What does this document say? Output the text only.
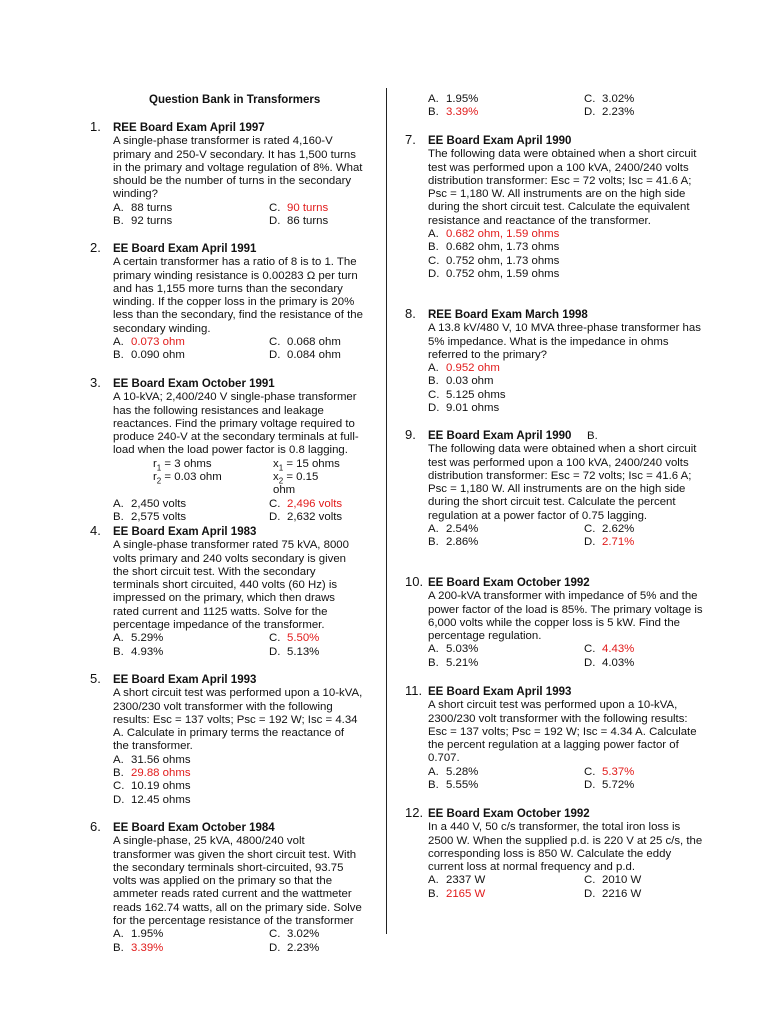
Question Bank in Transformers
B.
1. REE Board Exam April 1997

A single-phase transformer is rated 4,160-V primary and 250-V secondary. It has 1,500 turns in the primary and voltage regulation of 8%. What should be the number of turns in the secondary winding?

A. 88 turns	C. 90 turns
B. 92 turns	D. 86 turns
2. EE Board Exam April 1991

A certain transformer has a ratio of 8 is to 1. The primary winding resistance is 0.00283 Ω per turn and has 1,155 more turns than the secondary winding. If the copper loss in the primary is 20% less than the secondary, find the resistance of the secondary winding.

A. 0.073 ohm	C. 0.068 ohm
B. 0.090 ohm	D. 0.084 ohm
3. EE Board Exam October 1991

A 10-kVA; 2,400/240 V single-phase transformer has the following resistances and leakage reactances. Find the primary voltage required to produce 240-V at the secondary terminals at full-load when the load power factor is 0.8 lagging.

$r_1 = 3$ ohms	$x_1 = 15$ ohms
$r_2 = 0.03$ ohm	$x_2 = 0.15$ ohm
A. 2,450 volts	C. 2,496 volts
B. 2,575 volts	D. 2,632 volts
4. EE Board Exam April 1983

A single-phase transformer rated 75 kVA, 8000 volts primary and 240 volts secondary is given the short circuit test. With the secondary terminals short circuited, 440 volts (60 Hz) is impressed on the primary, which then draws rated current and 1125 watts. Solve for the percentage impedance of the transformer.

A. 5.29%	C. 5.50%
B. 4.93%	D. 5.13%
5. EE Board Exam April 1993

A short circuit test was performed upon a 10-kVA, 2300/230 volt transformer with the following results: Esc = 137 volts; Psc = 192 W; Isc = 4.34 A. Calculate in primary terms the reactance of the transformer.

A. 31.56 ohms
B. 29.88 ohms
C. 10.19 ohms
D. 12.45 ohms
6. EE Board Exam October 1984

A single-phase, 25 kVA, 4800/240 volt transformer was given the short circuit test. With the secondary terminals short-circuited, 93.75 volts was applied on the primary so that the ammeter reads rated current and the wattmeter reads 162.74 watts, all on the primary side. Solve for the percentage resistance of the transformer

A. 1.95%	C. 3.02%
B. 3.39%	D. 2.23%
A. 1.95%	C. 3.02%
B. 3.39%	D. 2.23%
7. EE Board Exam April 1990

The following data were obtained when a short circuit test was performed upon a 100 kVA, 2400/240 volts distribution transformer: Esc = 72 volts; Isc = 41.6 A; Psc = 1,180 W. All instruments are on the high side during the short circuit test. Calculate the equivalent resistance and reactance of the transformer.

A. 0.682 ohm, 1.59 ohms
B. 0.682 ohm, 1.73 ohms
C. 0.752 ohm, 1.73 ohms
D. 0.752 ohm, 1.59 ohms
8. REE Board Exam March 1998

A 13.8 kV/480 V, 10 MVA three-phase transformer has 5% impedance. What is the impedance in ohms referred to the primary?

A. 0.952 ohm
B. 0.03 ohm
C. 5.125 ohms
D. 9.01 ohms
9. EE Board Exam April 1990

The following data were obtained when a short circuit test was performed upon a 100 kVA, 2400/240 volts distribution transformer: Esc = 72 volts; Isc = 41.6 A; Psc = 1,180 W. All instruments are on the high side during the short circuit test. Calculate the percent regulation at a power factor of 0.75 lagging.

A. 2.54%	C. 2.62%
B. 2.86%	D. 2.71%
10. EE Board Exam October 1992

A 200-kVA transformer with impedance of 5% and the power factor of the load is 85%. The primary voltage is 6,000 volts while the copper loss is 5 kW. Find the percentage regulation.

A. 5.03%	C. 4.43%
B. 5.21%	D. 4.03%
11. EE Board Exam April 1993

A short circuit test was performed upon a 10-kVA, 2300/230 volt transformer with the following results: Esc = 137 volts; Psc = 192 W; Isc = 4.34 A. Calculate the percent regulation at a lagging power factor of 0.707.

A. 5.28%	C. 5.37%
B. 5.55%	D. 5.72%
12. EE Board Exam October 1992

In a 440 V, 50 c/s transformer, the total iron loss is 2500 W. When the supplied p.d. is 220 V at 25 c/s, the corresponding loss is 850 W. Calculate the eddy current loss at normal frequency and p.d.

A. 2337 W	C. 2010 W
B. 2165 W	D. 2216 W
